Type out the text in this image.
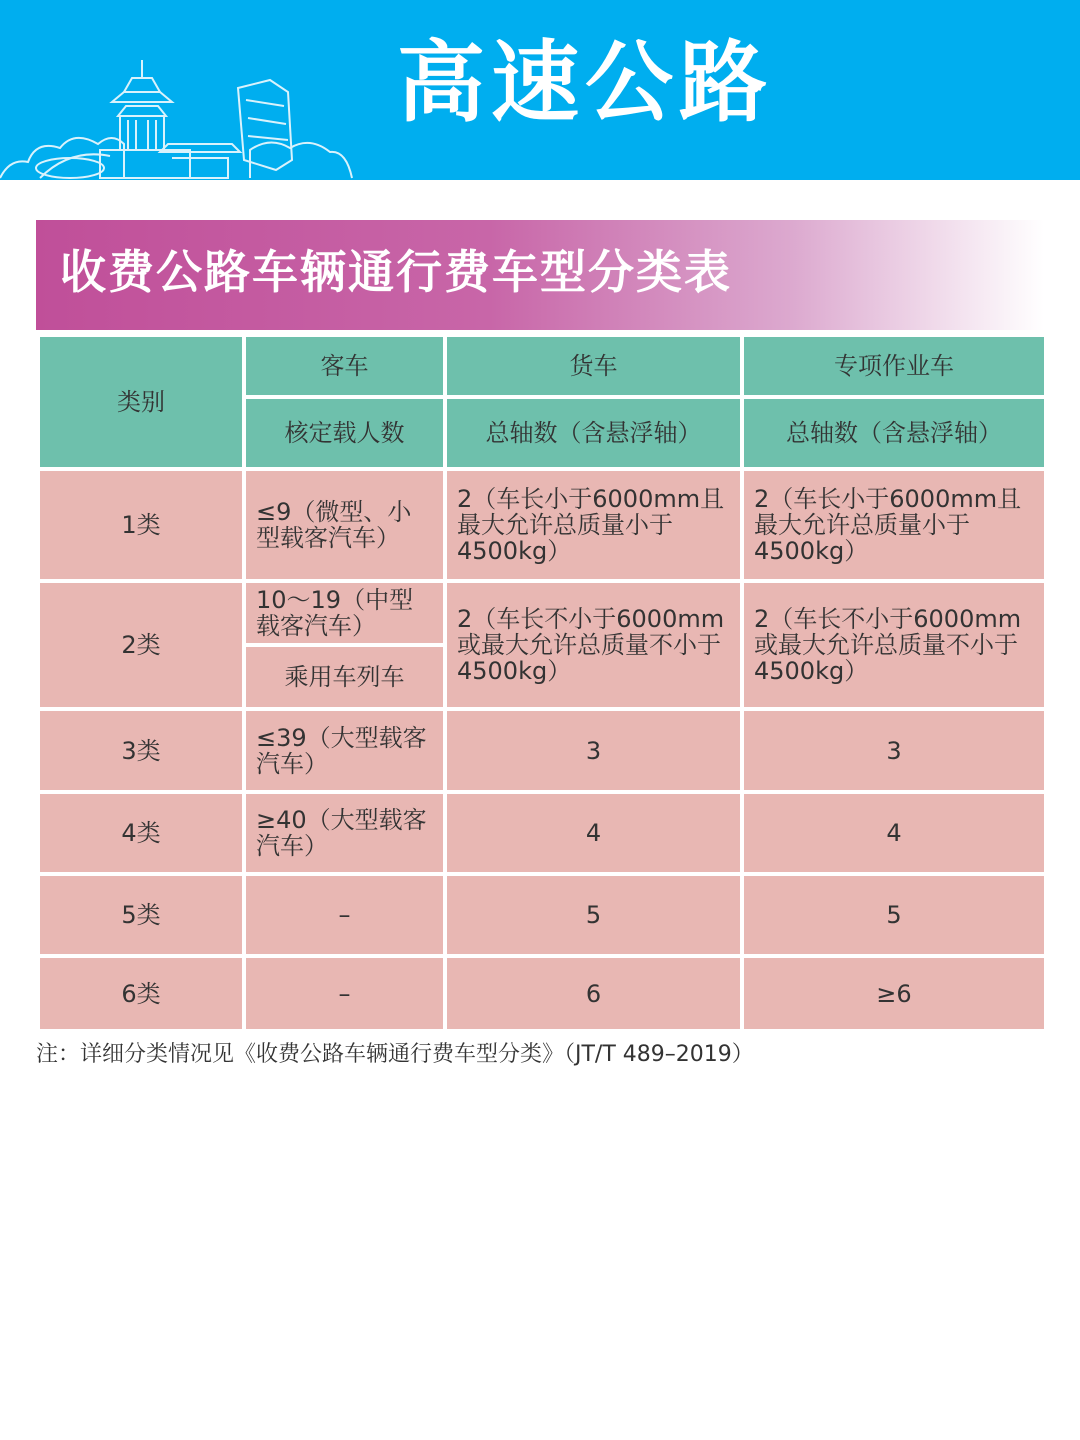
高速公路
收费公路车辆通行费车型分类表
类别	客车	货车	专项作业车
	核定载人数	总轴数（含悬浮轴）	总轴数（含悬浮轴）
1类	≤9（微型、小型载客汽车）	2（车长小于6000mm且最大允许总质量小于4500kg）	2（车长小于6000mm且最大允许总质量小于4500kg）
2类	10～19（中型载客汽车）	2（车长不小于6000mm或最大允许总质量不小于4500kg）	2（车长不小于6000mm或最大允许总质量不小于4500kg）
	乘用车列车		
3类	≤39（大型载客汽车）	3	3
4类	≥40（大型载客汽车）	4	4
5类	–	5	5
6类	–	6	≥6
注：详细分类情况见《收费公路车辆通行费车型分类》（JT/T 489–2019）
